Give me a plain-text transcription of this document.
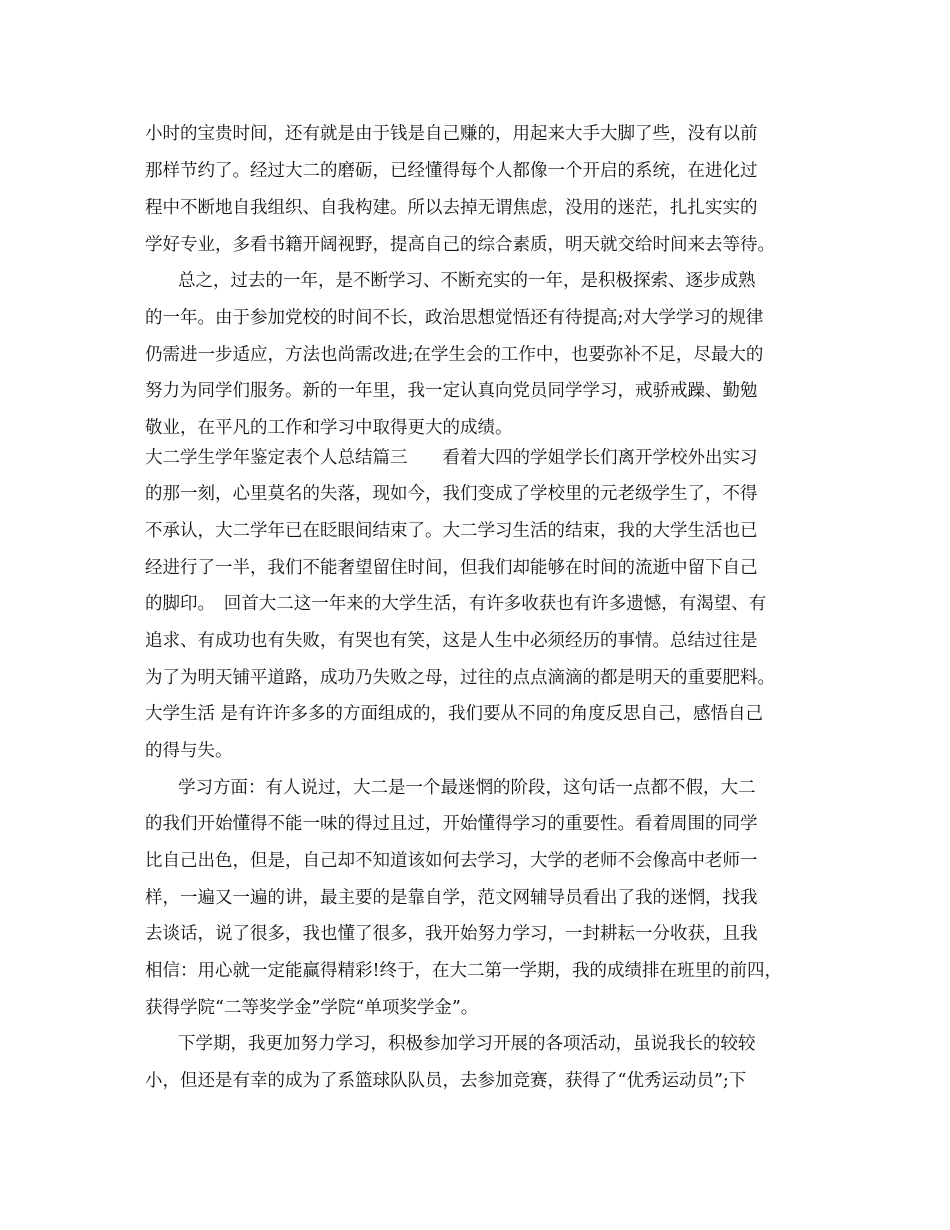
小时的宝贵时间，还有就是由于钱是自己赚的，用起来大手大脚了些，没有以前
那样节约了。经过大二的磨砺，已经懂得每个人都像一个开启的系统，在进化过
程中不断地自我组织、自我构建。所以去掉无谓焦虑，没用的迷茫，扎扎实实的
学好专业，多看书籍开阔视野，提高自己的综合素质，明天就交给时间来去等待。
总之，过去的一年，是不断学习、不断充实的一年，是积极探索、逐步成熟
的一年。由于参加党校的时间不长，政治思想觉悟还有待提高;对大学学习的规律
仍需进一步适应，方法也尚需改进;在学生会的工作中，也要弥补不足，尽最大的
努力为同学们服务。新的一年里，我一定认真向党员同学学习，戒骄戒躁、勤勉
敬业，在平凡的工作和学习中取得更大的成绩。
大二学生学年鉴定表个人总结篇三　　看着大四的学姐学长们离开学校外出实习
的那一刻，心里莫名的失落，现如今，我们变成了学校里的元老级学生了，不得
不承认，大二学年已在眨眼间结束了。大二学习生活的结束，我的大学生活也已
经进行了一半，我们不能奢望留住时间，但我们却能够在时间的流逝中留下自己
的脚印。　回首大二这一年来的大学生活，有许多收获也有许多遗憾，有渴望、有
追求、有成功也有失败，有哭也有笑，这是人生中必须经历的事情。总结过往是
为了为明天铺平道路，成功乃失败之母，过往的点点滴滴的都是明天的重要肥料。
大学生活 是有许许多多的方面组成的，我们要从不同的角度反思自己，感悟自己
的得与失。
学习方面：有人说过，大二是一个最迷惘的阶段，这句话一点都不假，大二
的我们开始懂得不能一味的得过且过，开始懂得学习的重要性。看着周围的同学
比自己出色，但是，自己却不知道该如何去学习，大学的老师不会像高中老师一
样，一遍又一遍的讲，最主要的是靠自学，范文网辅导员看出了我的迷惘，找我
去谈话，说了很多，我也懂了很多，我开始努力学习，一封耕耘一分收获，且我
相信：用心就一定能赢得精彩!终于，在大二第一学期，我的成绩排在班里的前四，
获得学院“二等奖学金”学院“单项奖学金”。
下学期，我更加努力学习，积极参加学习开展的各项活动，虽说我长的较较
小，但还是有幸的成为了系篮球队队员，去参加竞赛，获得了“优秀运动员”;下
